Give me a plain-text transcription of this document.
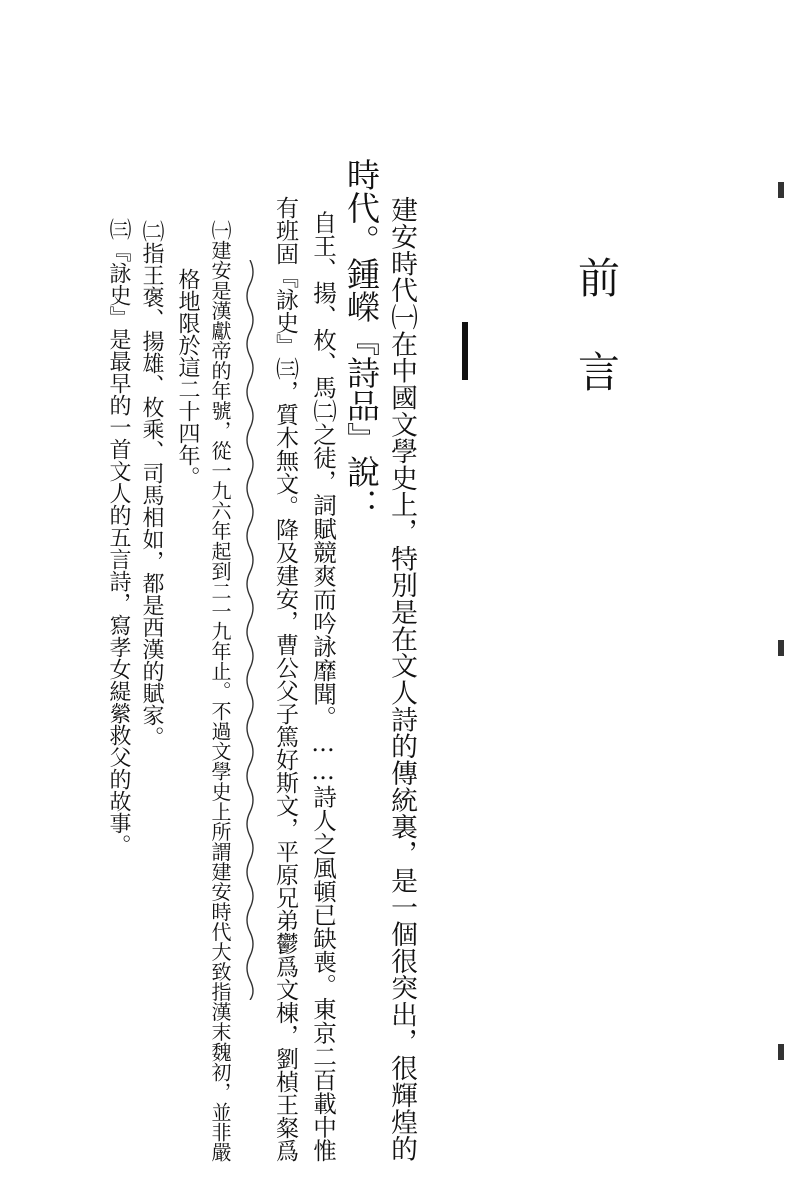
前言
建安時代㈠在中國文學史上，特別是在文人詩的傳統裏，是一個很突出，很輝煌的
時代。鍾嶸『詩品』說：
自王、揚、枚、馬㈡之徒，詞賦競爽而吟詠靡聞。……詩人之風頓已缺喪。東京二百載中惟
有班固『詠史』㈢，質木無文。降及建安，曹公父子篤好斯文，平原兄弟鬱爲文棟，劉楨王粲爲
㈠建安是漢獻帝的年號，從一九六年起到二一九年止。不過文學史上所謂建安時代大致指漢末魏初，並非嚴
格地限於這二十四年。
㈡指王褒、揚雄、枚乘、司馬相如，都是西漢的賦家。
㈢『詠史』是最早的一首文人的五言詩，寫孝女緹縈救父的故事。
